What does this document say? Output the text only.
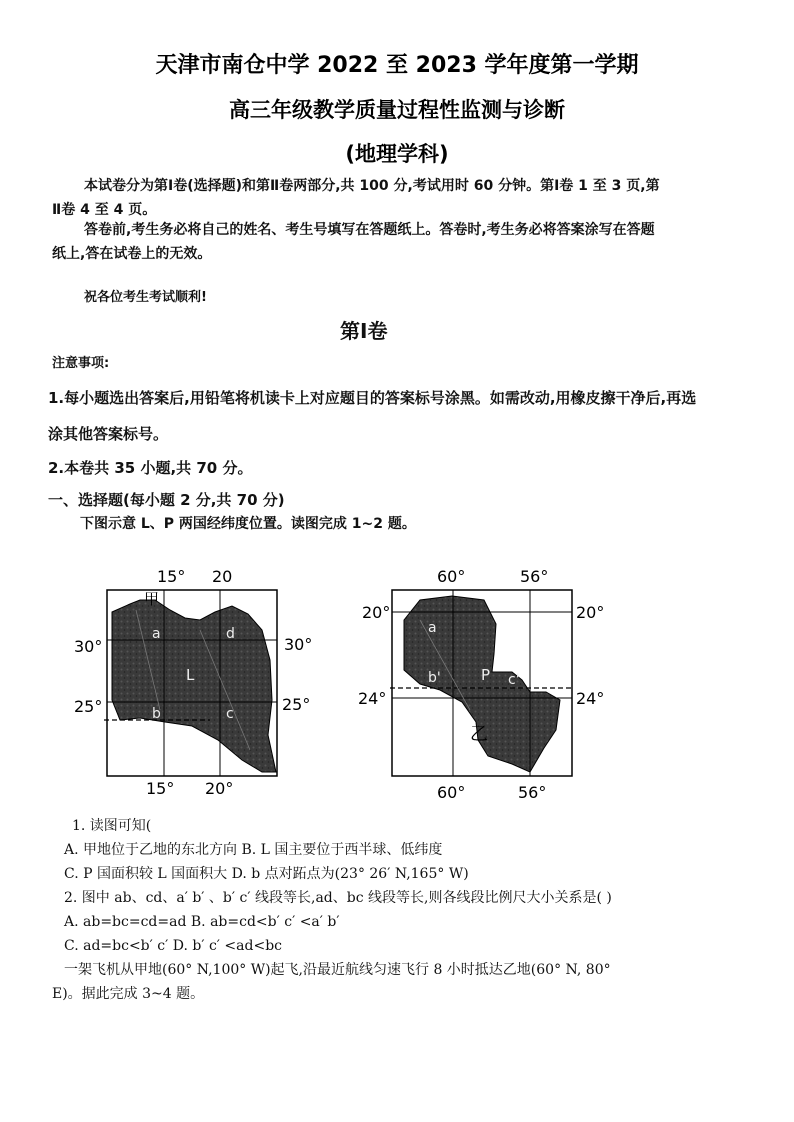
天津市南仓中学 2022 至 2023 学年度第一学期
高三年级教学质量过程性监测与诊断
(地理学科)
本试卷分为第Ⅰ卷(选择题)和第Ⅱ卷两部分,共 100 分,考试用时 60 分钟。第Ⅰ卷 1 至 3 页,第
Ⅱ卷 4 至 4 页。
答卷前,考生务必将自己的姓名、考生号填写在答题纸上。答卷时,考生务必将答案涂写在答题
纸上,答在试卷上的无效。
祝各位考生考试顺利!
第Ⅰ卷
注意事项:
1.每小题选出答案后,用铅笔将机读卡上对应题目的答案标号涂黑。如需改动,用橡皮擦干净后,再选
涂其他答案标号。
2.本卷共 35 小题,共 70 分。
一、选择题(每小题 2 分,共 70 分)
下图示意 L、P 两国经纬度位置。读图完成 1~2 题。
15° 20
15° 20°
30°	30°
25°	25°
甲
a	d
L
b	c
60°	56°
60°	56°
20°	20°
24°	24°
a
b'	P c'
乙
1. 读图可知(
A. 甲地位于乙地的东北方向 B. L 国主要位于西半球、低纬度
C. P 国面积较 L 国面积大 D. b 点对跖点为(23° 26′ N,165° W)
2. 图中 ab、cd、a′ b′ 、b′ c′ 线段等长,ad、bc 线段等长,则各线段比例尺大小关系是( )
A. ab=bc=cd=ad B. ab=cd<b′ c′ <a′ b′
C. ad=bc<b′ c′ D. b′ c′ <ad<bc
一架飞机从甲地(60° N,100° W)起飞,沿最近航线匀速飞行 8 小时抵达乙地(60° N, 80°
E)。据此完成 3~4 题。
